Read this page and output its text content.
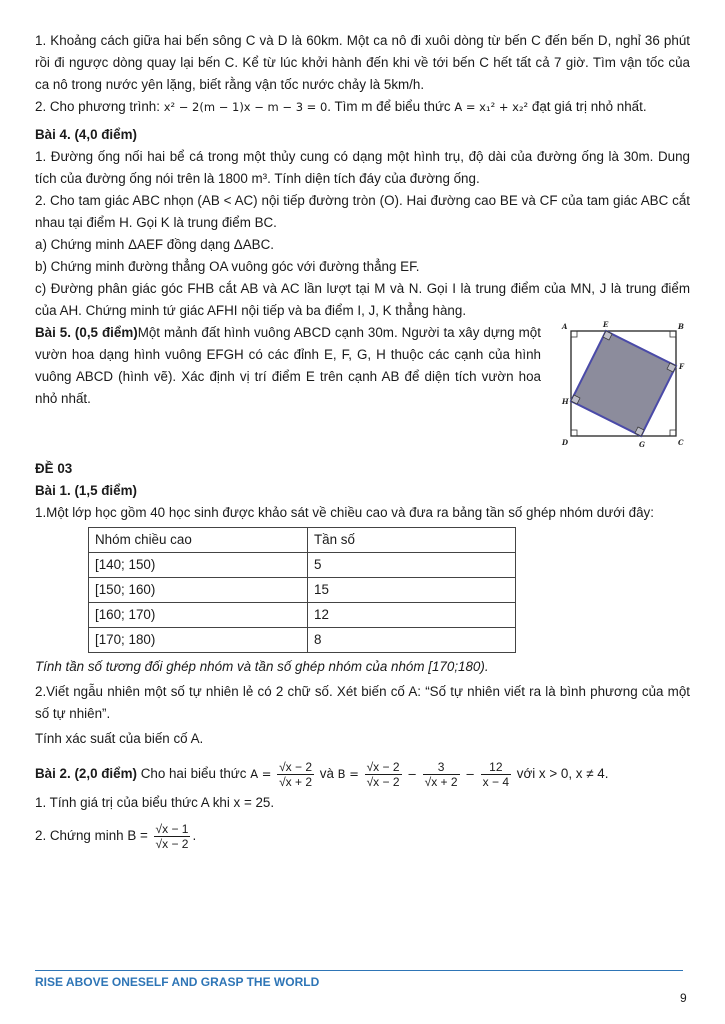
1. Khoảng cách giữa hai bến sông C và D là 60km. Một ca nô đi xuôi dòng từ bến C đến bến D, nghỉ 36 phút rồi đi ngược dòng quay lại bến C. Kể từ lúc khởi hành đến khi về tới bến C hết tất cả 7 giờ. Tìm vận tốc của ca nô trong nước yên lặng, biết rằng vận tốc nước chảy là 5km/h.

2. Cho phương trình: x² − 2(m − 1)x − m − 3 = 0. Tìm m để biểu thức A = x₁² + x₂² đạt giá trị nhỏ nhất.

Bài 4. (4,0 điểm)

1. Đường ống nối hai bể cá trong một thủy cung có dạng một hình trụ, độ dài của đường ống là 30m. Dung tích của đường ống nói trên là 1800 m³. Tính diện tích đáy của đường ống.

2. Cho tam giác ABC nhọn (AB < AC) nội tiếp đường tròn (O). Hai đường cao BE và CF của tam giác ABC cắt nhau tại điểm H. Gọi K là trung điểm BC.

a) Chứng minh ΔAEF đồng dạng ΔABC.

b) Chứng minh đường thẳng OA vuông góc với đường thẳng EF.

c) Đường phân giác góc FHB cắt AB và AC lần lượt tại M và N. Gọi I là trung điểm của MN, J là trung điểm của AH. Chứng minh tứ giác AFHI nội tiếp và ba điểm I, J, K thẳng hàng.

Bài 5. (0,5 điểm)Một mảnh đất hình vuông ABCD cạnh 30m. Người ta xây dựng một vườn hoa dạng hình vuông EFGH có các đỉnh E, F, G, H thuộc các cạnh của hình vuông ABCD (hình vẽ). Xác định vị trí điểm E trên cạnh AB để diện tích vườn hoa nhỏ nhất.

A	E	B
F
H
D	G	C

ĐỀ 03

Bài 1. (1,5 điểm)

1.Một lớp học gồm 40 học sinh được khảo sát về chiều cao và đưa ra bảng tần số ghép nhóm dưới đây:

Nhóm chiều cao	Tần số
[140; 150)	5
[150; 160)	15
[160; 170)	12
[170; 180)	8

Tính tần số tương đối ghép nhóm và tần số ghép nhóm của nhóm [170;180).

2.Viết ngẫu nhiên một số tự nhiên lẻ có 2 chữ số. Xét biến cố A: “Số tự nhiên viết ra là bình phương của một số tự nhiên”.

Tính xác suất của biến cố A.

Bài 2. (2,0 điểm) Cho hai biểu thức $A = \frac{√x - 2}{√x + 2}$ và $B = \frac{√x - 2}{√x - 2} - \frac{3}{√x + 2} - \frac{12}{x - 4}$ với x > 0, x ≠ 4.

1. Tính giá trị của biểu thức A khi x = 25.

2. Chứng minh $B = \frac{√x - 1}{√x - 2}$ .

RISE ABOVE ONESELF AND GRASP THE WORLD
9
